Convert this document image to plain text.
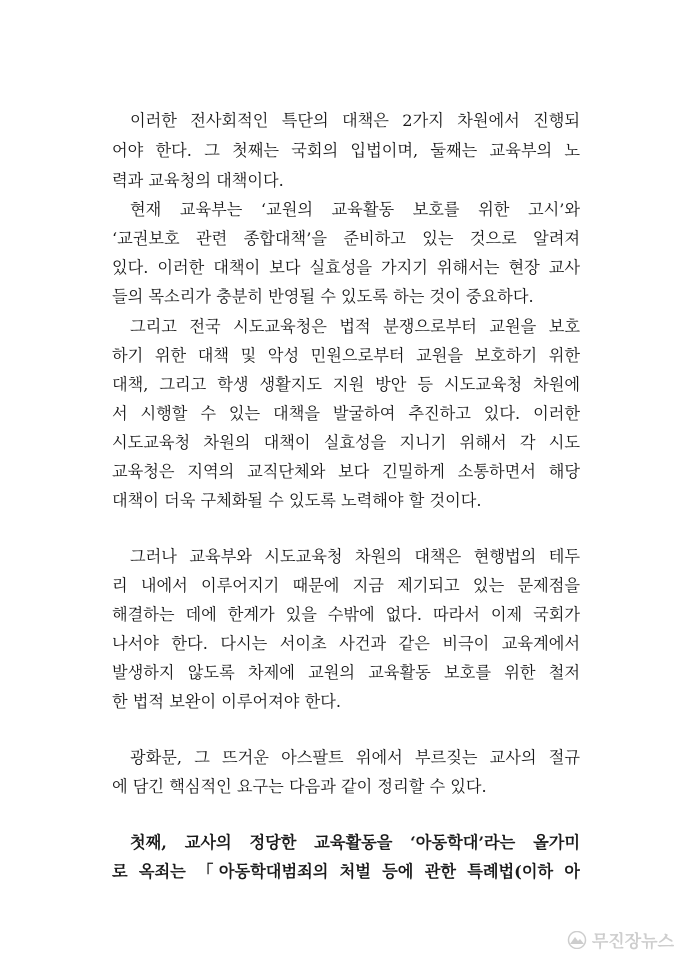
이러한 전사회적인 특단의 대책은 2가지 차원에서 진행되
어야 한다. 그 첫째는 국회의 입법이며, 둘째는 교육부의 노
력과 교육청의 대책이다.
현재 교육부는 ‘교원의 교육활동 보호를 위한 고시’와
‘교권보호 관련 종합대책’을 준비하고 있는 것으로 알려져
있다. 이러한 대책이 보다 실효성을 가지기 위해서는 현장 교사
들의 목소리가 충분히 반영될 수 있도록 하는 것이 중요하다.
그리고 전국 시도교육청은 법적 분쟁으로부터 교원을 보호
하기 위한 대책 및 악성 민원으로부터 교원을 보호하기 위한
대책, 그리고 학생 생활지도 지원 방안 등 시도교육청 차원에
서 시행할 수 있는 대책을 발굴하여 추진하고 있다. 이러한
시도교육청 차원의 대책이 실효성을 지니기 위해서 각 시도
교육청은 지역의 교직단체와 보다 긴밀하게 소통하면서 해당
대책이 더욱 구체화될 수 있도록 노력해야 할 것이다.
그러나 교육부와 시도교육청 차원의 대책은 현행법의 테두
리 내에서 이루어지기 때문에 지금 제기되고 있는 문제점을
해결하는 데에 한계가 있을 수밖에 없다. 따라서 이제 국회가
나서야 한다. 다시는 서이초 사건과 같은 비극이 교육계에서
발생하지 않도록 차제에 교원의 교육활동 보호를 위한 철저
한 법적 보완이 이루어져야 한다.
광화문, 그 뜨거운 아스팔트 위에서 부르짖는 교사의 절규
에 담긴 핵심적인 요구는 다음과 같이 정리할 수 있다.
첫째, 교사의 정당한 교육활동을 ‘아동학대’라는 올가미
로 옥죄는 「아동학대범죄의 처벌 등에 관한 특례법(이하 아
무진장뉴스
